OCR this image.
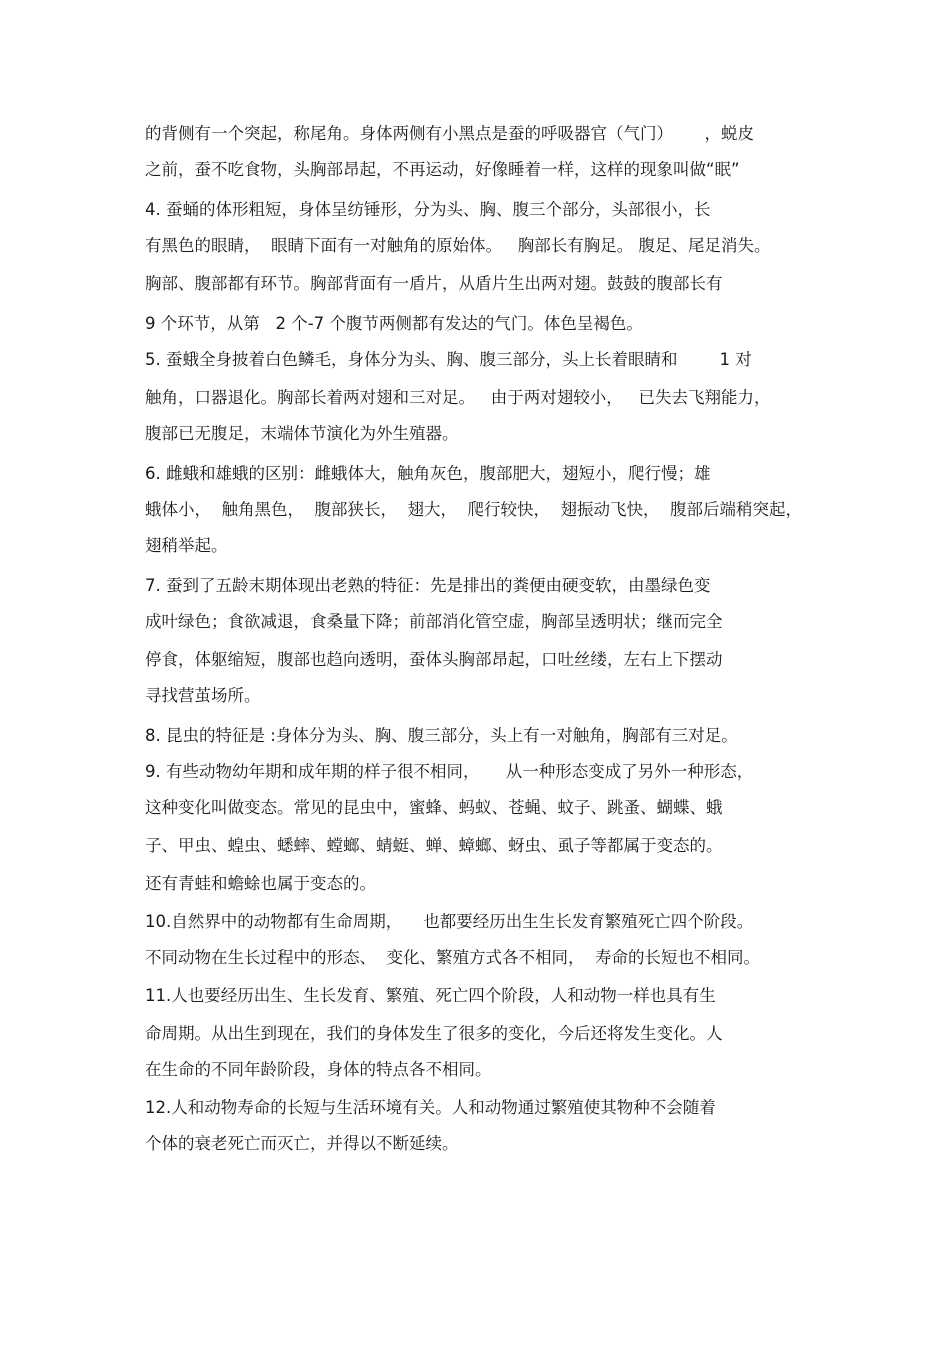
的背侧有一个突起，称尾角。身体两侧有小黑点是蚕的呼吸器官（气门）      ，蜕皮
之前，蚕不吃食物，头胸部昂起，不再运动，好像睡着一样，这样的现象叫做“眠”
4. 蚕蛹的体形粗短，身体呈纺锤形，分为头、胸、腹三个部分，头部很小，长
有黑色的眼睛，  眼睛下面有一对触角的原始体。   胸部长有胸足。 腹足、尾足消失。
胸部、腹部都有环节。胸部背面有一盾片，从盾片生出两对翅。鼓鼓的腹部长有
9 个环节，从第   2 个-7 个腹节两侧都有发达的气门。体色呈褐色。
5. 蚕蛾全身披着白色鳞毛，身体分为头、胸、腹三部分，头上长着眼睛和        1 对
触角，口器退化。胸部长着两对翅和三对足。   由于两对翅较小，   已失去飞翔能力，
腹部已无腹足，末端体节演化为外生殖器。
6. 雌蛾和雄蛾的区别：雌蛾体大，触角灰色，腹部肥大，翅短小，爬行慢；雄
蛾体小，  触角黑色，  腹部狭长，  翅大，  爬行较快，  翅振动飞快，  腹部后端稍突起，
翅稍举起。
7. 蚕到了五龄末期体现出老熟的特征：先是排出的粪便由硬变软，由墨绿色变
成叶绿色；食欲减退，食桑量下降；前部消化管空虚，胸部呈透明状；继而完全
停食，体躯缩短，腹部也趋向透明，蚕体头胸部昂起，口吐丝缕，左右上下摆动
寻找营茧场所。
8. 昆虫的特征是 :身体分为头、胸、腹三部分，头上有一对触角，胸部有三对足。
9. 有些动物幼年期和成年期的样子很不相同，     从一种形态变成了另外一种形态，
这种变化叫做变态。常见的昆虫中，蜜蜂、蚂蚁、苍蝇、蚊子、跳蚤、蝴蝶、蛾
子、甲虫、蝗虫、蟋蟀、螳螂、蜻蜓、蝉、蟑螂、蚜虫、虱子等都属于变态的。
还有青蛙和蟾蜍也属于变态的。
10.自然界中的动物都有生命周期，    也都要经历出生生长发育繁殖死亡四个阶段。
不同动物在生长过程中的形态、  变化、繁殖方式各不相同，  寿命的长短也不相同。
11.人也要经历出生、生长发育、繁殖、死亡四个阶段，人和动物一样也具有生
命周期。从出生到现在，我们的身体发生了很多的变化，今后还将发生变化。人
在生命的不同年龄阶段，身体的特点各不相同。
12.人和动物寿命的长短与生活环境有关。人和动物通过繁殖使其物种不会随着
个体的衰老死亡而灭亡，并得以不断延续。
